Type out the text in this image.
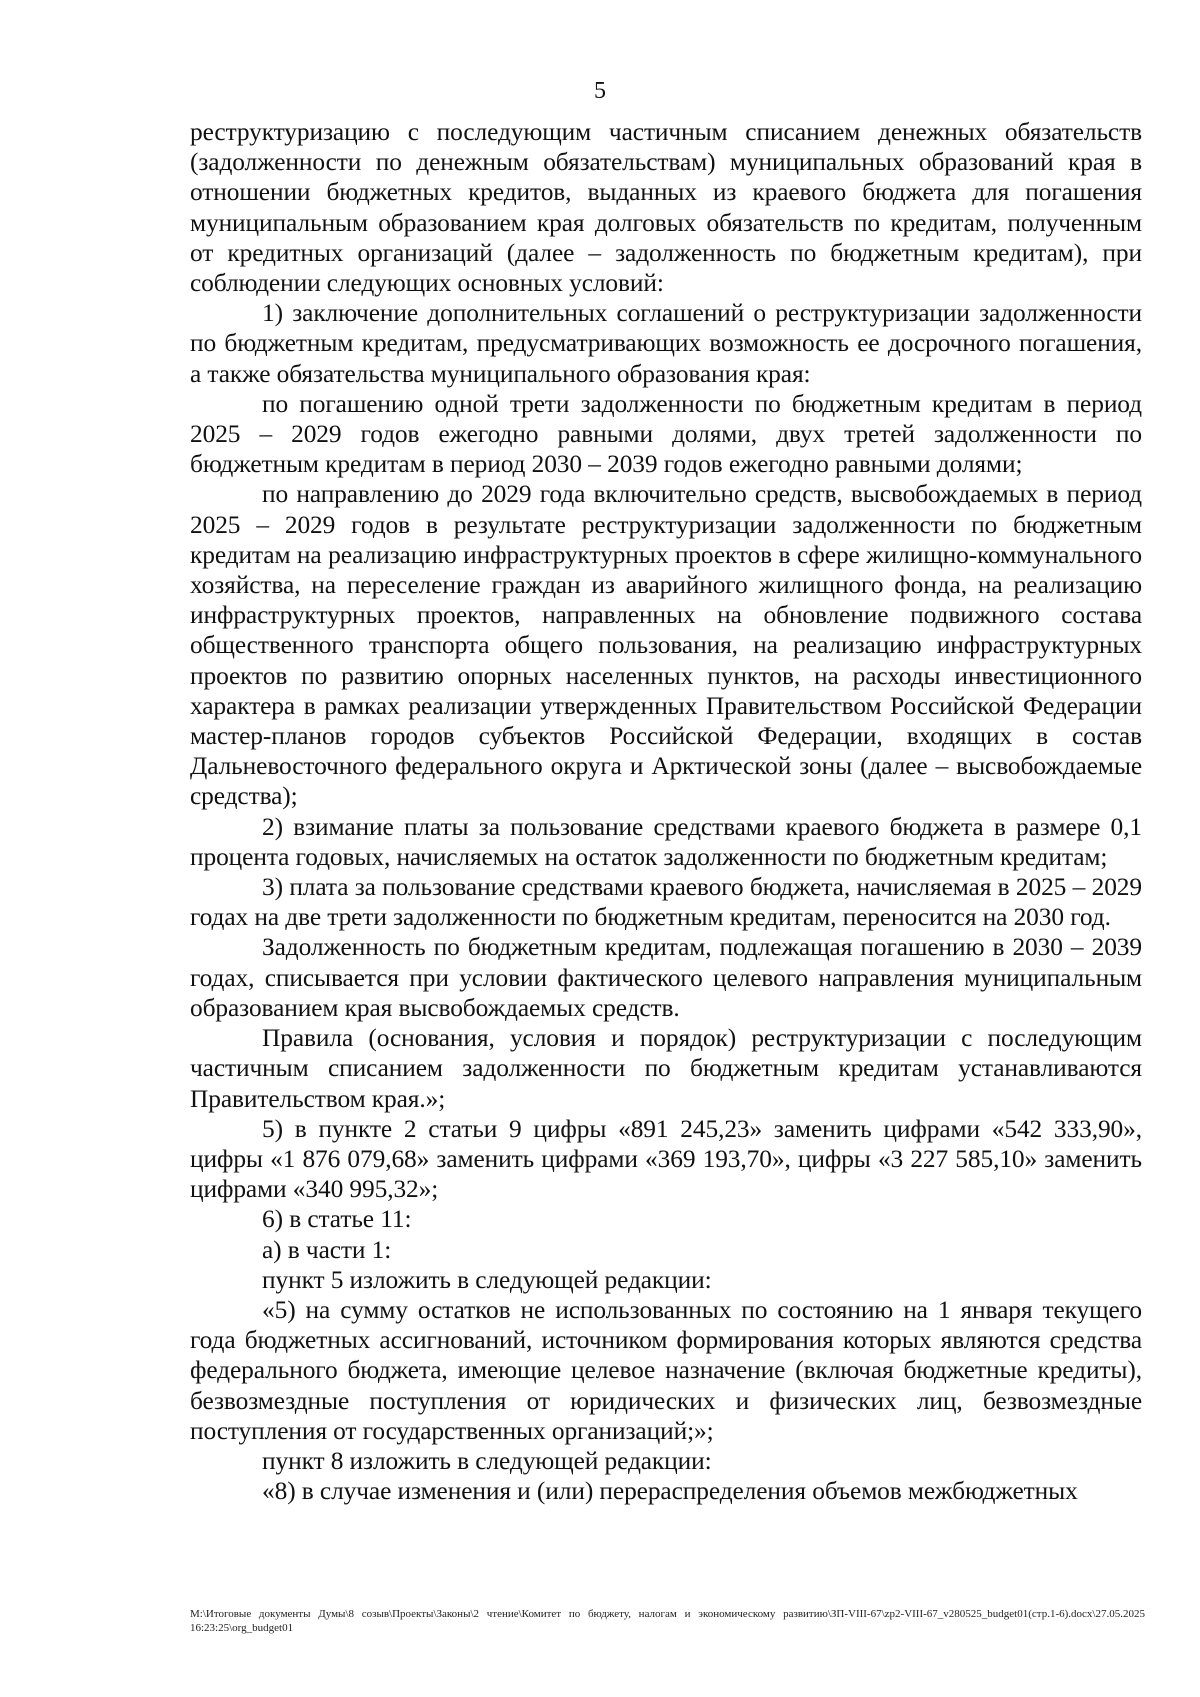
5

реструктуризацию с последующим частичным списанием денежных обязательств (задолженности по денежным обязательствам) муниципальных образований края в отношении бюджетных кредитов, выданных из краевого бюджета для погашения муниципальным образованием края долговых обязательств по кредитам, полученным от кредитных организаций (далее – задолженность по бюджетным кредитам), при соблюдении следующих основных условий:

1) заключение дополнительных соглашений о реструктуризации задолженности по бюджетным кредитам, предусматривающих возможность ее досрочного погашения, а также обязательства муниципального образования края:

по погашению одной трети задолженности по бюджетным кредитам в период 2025 – 2029 годов ежегодно равными долями, двух третей задолженности по бюджетным кредитам в период 2030 – 2039 годов ежегодно равными долями;

по направлению до 2029 года включительно средств, высвобождаемых в период 2025 – 2029 годов в результате реструктуризации задолженности по бюджетным кредитам на реализацию инфраструктурных проектов в сфере жилищно-коммунального хозяйства, на переселение граждан из аварийного жилищного фонда, на реализацию инфраструктурных проектов, направленных на обновление подвижного состава общественного транспорта общего пользования, на реализацию инфраструктурных проектов по развитию опорных населенных пунктов, на расходы инвестиционного характера в рамках реализации утвержденных Правительством Российской Федерации мастер-планов городов субъектов Российской Федерации, входящих в состав Дальневосточного федерального округа и Арктической зоны (далее – высвобождаемые средства);

2) взимание платы за пользование средствами краевого бюджета в размере 0,1 процента годовых, начисляемых на остаток задолженности по бюджетным кредитам;

3) плата за пользование средствами краевого бюджета, начисляемая в 2025 – 2029 годах на две трети задолженности по бюджетным кредитам, переносится на 2030 год.

Задолженность по бюджетным кредитам, подлежащая погашению в 2030 – 2039 годах, списывается при условии фактического целевого направления муниципальным образованием края высвобождаемых средств.

Правила (основания, условия и порядок) реструктуризации с последующим частичным списанием задолженности по бюджетным кредитам устанавливаются Правительством края.»;

5) в пункте 2 статьи 9 цифры «891 245,23» заменить цифрами «542 333,90», цифры «1 876 079,68» заменить цифрами «369 193,70», цифры «3 227 585,10» заменить цифрами «340 995,32»;

6) в статье 11:

а) в части 1:

пункт 5 изложить в следующей редакции:

«5) на сумму остатков не использованных по состоянию на 1 января текущего года бюджетных ассигнований, источником формирования которых являются средства федерального бюджета, имеющие целевое назначение (включая бюджетные кредиты), безвозмездные поступления от юридических и физических лиц, безвозмездные поступления от государственных организаций;»;

пункт 8 изложить в следующей редакции:

«8) в случае изменения и (или) перераспределения объемов межбюджетных

M:\Итоговые документы Думы\8 созыв\Проекты\Законы\2 чтение\Комитет по бюджету, налогам и экономическому развитию\ЗП-VIII-67\zp2-VIII-67_v280525_budget01(стр.1-6).docx\27.05.2025 16:23:25\org_budget01
